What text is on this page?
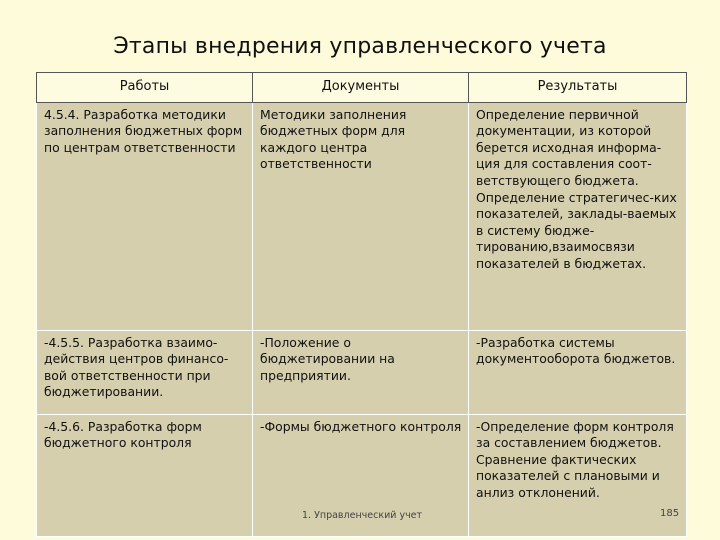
Этапы внедрения управленческого учета
Работы	Документы	Результаты
4.5.4. Разработка методики заполнения бюджетных форм по центрам ответственности	Методики заполнения бюджетных форм для каждого центра ответственности	Определение первичной документации, из которой берется исходная информа-ция для составления соот-ветствующего бюджета. Определение стратегичес-ких показателей, заклады-ваемых в систему бюдже-тированию,взаимосвязи показателей в бюджетах.
-4.5.5. Разработка взаимо-действия центров финансо-вой ответственности при бюджетировании.	-Положение о бюджетировании на предприятии.	-Разработка системы документооборота бюджетов.
-4.5.6. Разработка форм бюджетного контроля	-Формы бюджетного контроля	-Определение форм контроля за составлением бюджетов. Сравнение фактических показателей с плановыми и анлиз отклонений.
1. Управленческий учет	185
